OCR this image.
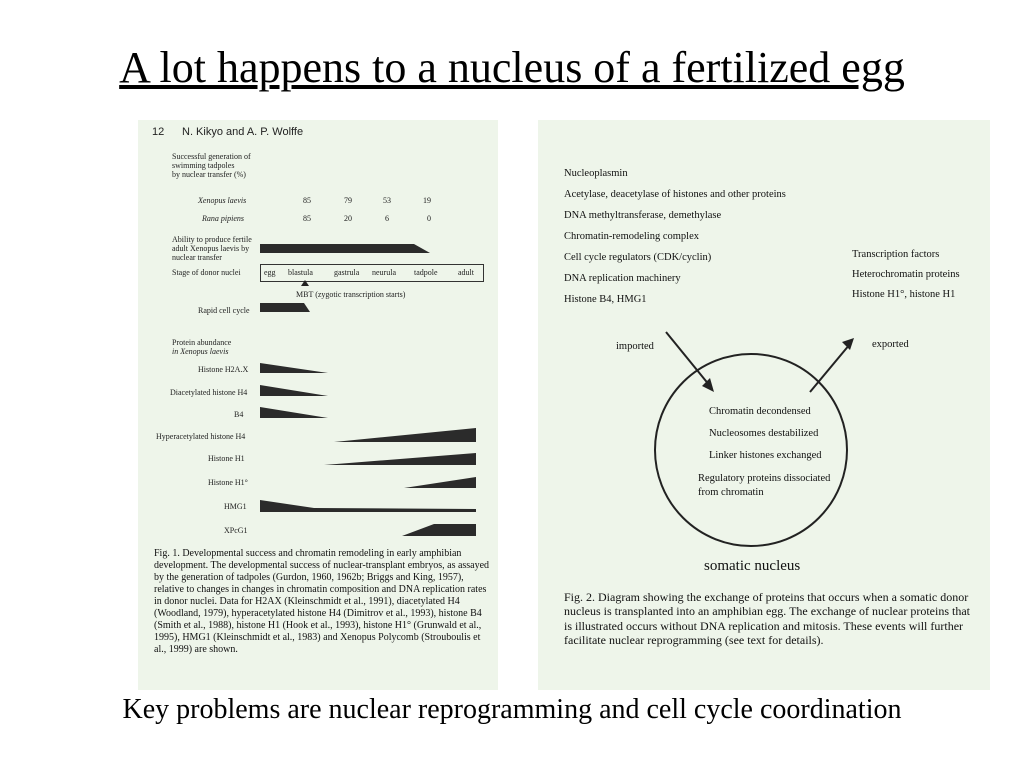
A lot happens to a nucleus of a fertilized egg
12 N. Kikyo and A. P. Wolffe
Successful generation of
swimming tadpoles
by nuclear transfer (%)
Xenopus laevis	85	79	53	19
Rana pipiens	85	20	6	0
Ability to produce fertile
adult Xenopus laevis by
nuclear transfer
Stage of donor nuclei	egg blastula	gastrula neurula tadpole	adult
MBT (zygotic transcription starts)
Rapid cell cycle
Protein abundance
in Xenopus laevis
Histone H2A.X
Diacetylated histone H4
B4
Hyperacetylated histone H4
Histone H1
Histone H1°
HMG1
XPcG1
Fig. 1. Developmental success and chromatin remodeling in early amphibian development. The developmental success of nuclear-transplant embryos, as assayed by the generation of tadpoles (Gurdon, 1960, 1962b; Briggs and King, 1957), relative to changes in changes in chromatin composition and DNA replication rates in donor nuclei. Data for H2AX (Kleinschmidt et al., 1991), diacetylated H4 (Woodland, 1979), hyperacetylated histone H4 (Dimitrov et al., 1993), histone B4 (Smith et al., 1988), histone H1 (Hook et al., 1993), histone H1° (Grunwald et al., 1995), HMG1 (Kleinschmidt et al., 1983) and Xenopus Polycomb (Strouboulis et al., 1999) are shown.
Nucleoplasmin
Acetylase, deacetylase of histones and other proteins
DNA methyltransferase, demethylase
Chromatin-remodeling complex
Cell cycle regulators (CDK/cyclin)
DNA replication machinery
Histone B4, HMG1
Transcription factors
Heterochromatin proteins
Histone H1°, histone H1
imported	exported
Chromatin decondensed
Nucleosomes destabilized
Linker histones exchanged
Regulatory proteins dissociated
from chromatin
somatic nucleus
Fig. 2. Diagram showing the exchange of proteins that occurs when a somatic donor nucleus is transplanted into an amphibian egg. The exchange of nuclear proteins that is illustrated occurs without DNA replication and mitosis. These events will further facilitate nuclear reprogramming (see text for details).
Key problems are nuclear reprogramming and cell cycle coordination
